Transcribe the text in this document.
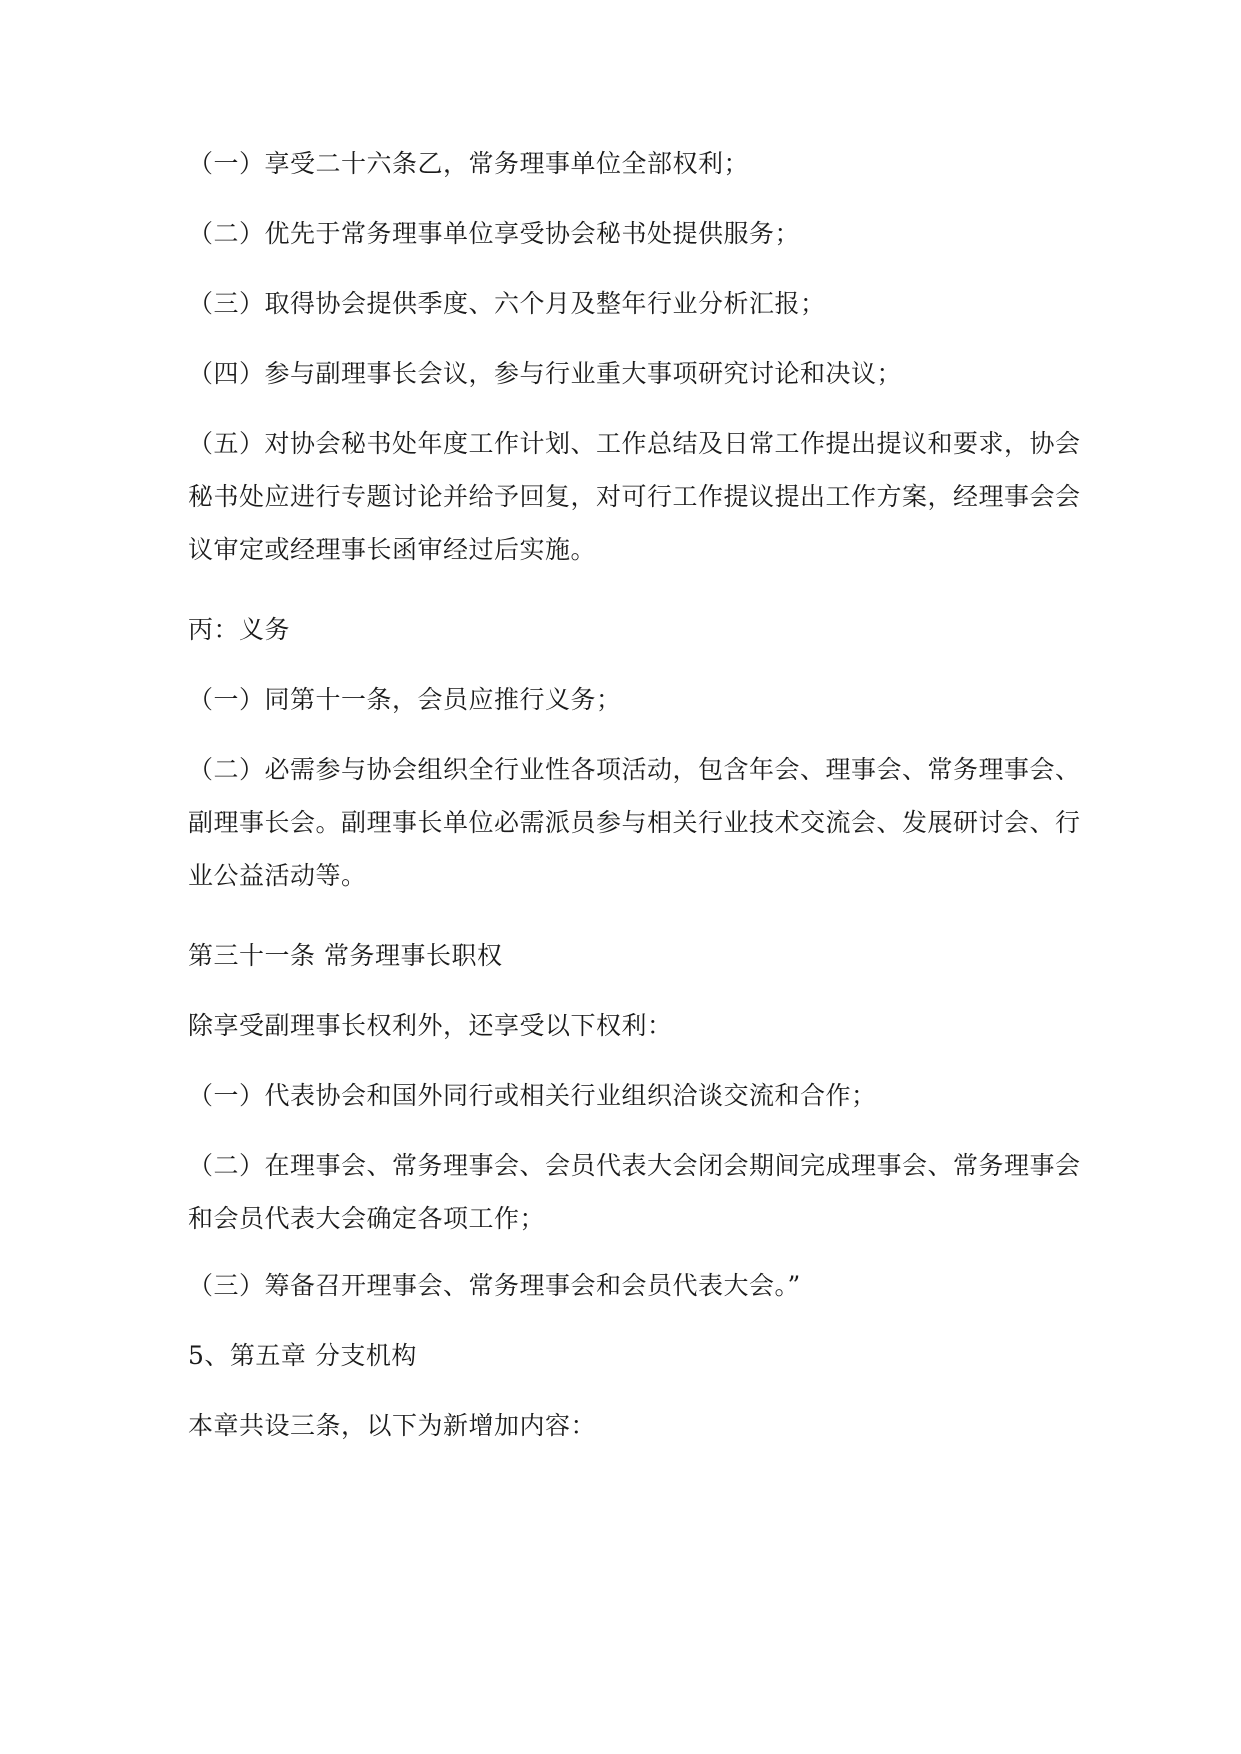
（一）享受二十六条乙，常务理事单位全部权利；

（二）优先于常务理事单位享受协会秘书处提供服务；

（三）取得协会提供季度、六个月及整年行业分析汇报；

（四）参与副理事长会议，参与行业重大事项研究讨论和决议；

（五）对协会秘书处年度工作计划、工作总结及日常工作提出提议和要求，协会
秘书处应进行专题讨论并给予回复，对可行工作提议提出工作方案，经理事会会
议审定或经理事长函审经过后实施。

丙：义务

（一）同第十一条，会员应推行义务；

（二）必需参与协会组织全行业性各项活动，包含年会、理事会、常务理事会、
副理事长会。副理事长单位必需派员参与相关行业技术交流会、发展研讨会、行
业公益活动等。

第三十一条 常务理事长职权

除享受副理事长权利外，还享受以下权利：

（一）代表协会和国外同行或相关行业组织洽谈交流和合作；

（二）在理事会、常务理事会、会员代表大会闭会期间完成理事会、常务理事会
和会员代表大会确定各项工作；

（三）筹备召开理事会、常务理事会和会员代表大会。”

5、第五章 分支机构

本章共设三条，以下为新增加内容：
